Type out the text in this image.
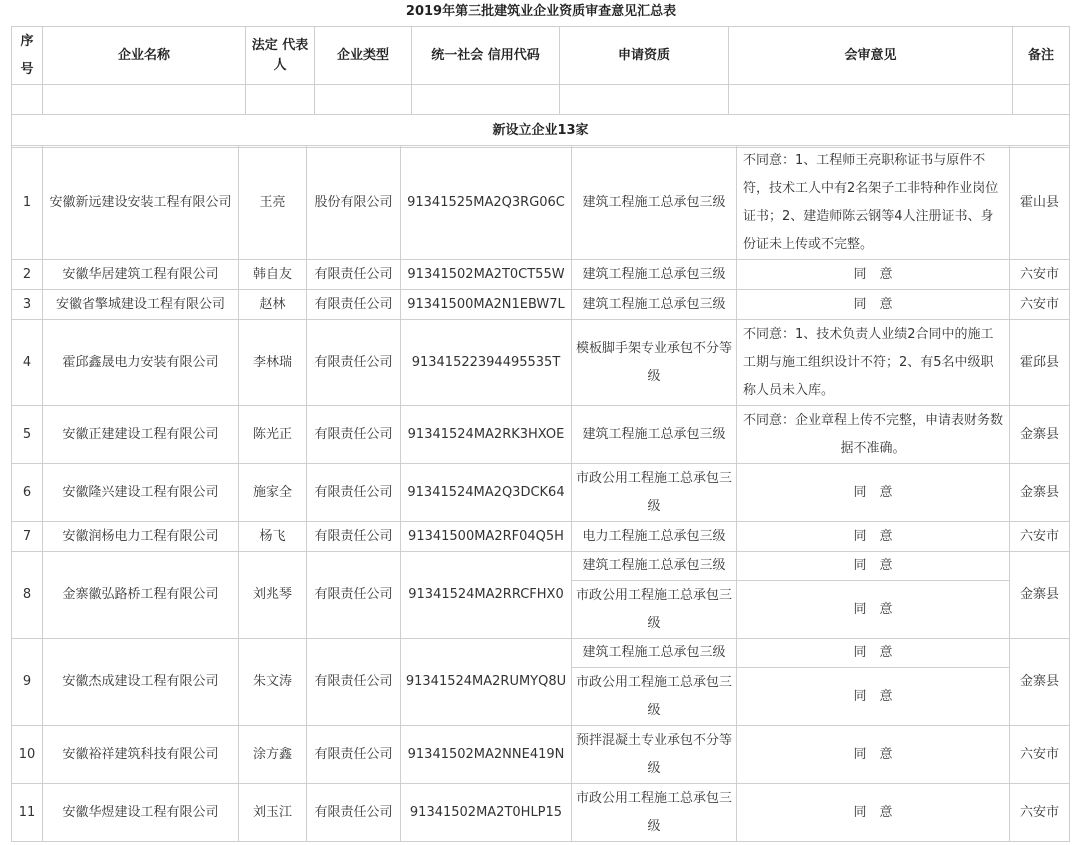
2019年第三批建筑业企业资质审查意见汇总表
序号	企业名称	法定 代表人	企业类型	统一社会 信用代码	申请资质	会审意见	备注

新设立企业13家							
1	安徽新远建设安装工程有限公司	王亮	股份有限公司	91341525MA2Q3RG06C	建筑工程施工总承包三级	不同意：1、工程师王亮职称证书与原件不符，技术工人中有2名架子工非特种作业岗位证书；2、建造师陈云钢等4人注册证书、身份证未上传或不完整。	霍山县
2	安徽华居建筑工程有限公司	韩自友	有限责任公司	91341502MA2T0CT55W	建筑工程施工总承包三级	同　意	六安市
3	安徽省擎城建设工程有限公司	赵林	有限责任公司	91341500MA2N1EBW7L	建筑工程施工总承包三级	同　意	六安市
4	霍邱鑫晟电力安装有限公司	李林瑞	有限责任公司	91341522394495535T	模板脚手架专业承包不分等级	不同意：1、技术负责人业绩2合同中的施工工期与施工组织设计不符；2、有5名中级职称人员未入库。	霍邱县
5	安徽正建建设工程有限公司	陈光正	有限责任公司	91341524MA2RK3HXOE	建筑工程施工总承包三级	不同意：企业章程上传不完整，申请表财务数据不准确。	金寨县
6	安徽隆兴建设工程有限公司	施家全	有限责任公司	91341524MA2Q3DCK64	市政公用工程施工总承包三级	同　意	金寨县
7	安徽润杨电力工程有限公司	杨飞	有限责任公司	91341500MA2RF04Q5H	电力工程施工总承包三级	同　意	六安市
8	金寨徽弘路桥工程有限公司	刘兆琴	有限责任公司	91341524MA2RRCFHX0	建筑工程施工总承包三级	同　意	金寨县
					市政公用工程施工总承包三级	同　意	
9	安徽杰成建设工程有限公司	朱文涛	有限责任公司	91341524MA2RUMYQ8U	建筑工程施工总承包三级	同　意	金寨县
					市政公用工程施工总承包三级	同　意	
10	安徽裕祥建筑科技有限公司	涂方鑫	有限责任公司	91341502MA2NNE419N	预拌混凝土专业承包不分等级	同　意	六安市
11	安徽华煜建设工程有限公司	刘玉江	有限责任公司	91341502MA2T0HLP15	市政公用工程施工总承包三级	同　意	六安市
